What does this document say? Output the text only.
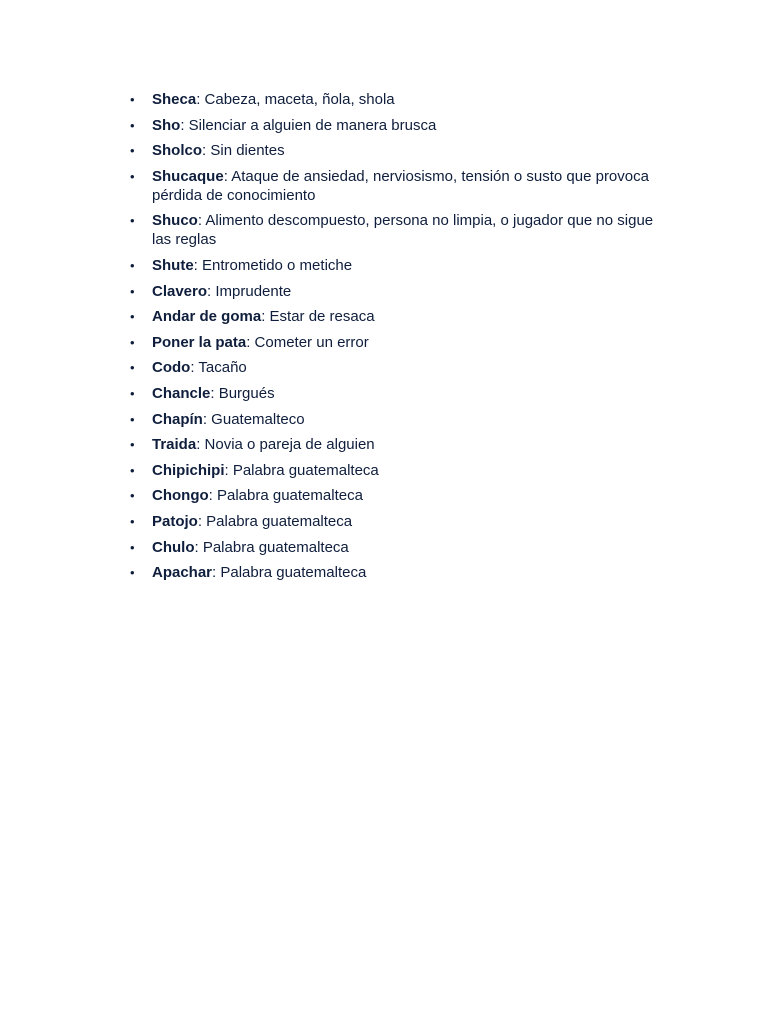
•	Sheca: Cabeza, maceta, ñola, shola
•	Sho: Silenciar a alguien de manera brusca
•	Sholco: Sin dientes
•	Shucaque: Ataque de ansiedad, nerviosismo, tensión o susto que provoca pérdida de conocimiento
•	Shuco: Alimento descompuesto, persona no limpia, o jugador que no sigue las reglas
•	Shute: Entrometido o metiche
•	Clavero: Imprudente
•	Andar de goma: Estar de resaca
•	Poner la pata: Cometer un error
•	Codo: Tacaño
•	Chancle: Burgués
•	Chapín: Guatemalteco
•	Traida: Novia o pareja de alguien
•	Chipichipi: Palabra guatemalteca
•	Chongo: Palabra guatemalteca
•	Patojo: Palabra guatemalteca
•	Chulo: Palabra guatemalteca
•	Apachar: Palabra guatemalteca
